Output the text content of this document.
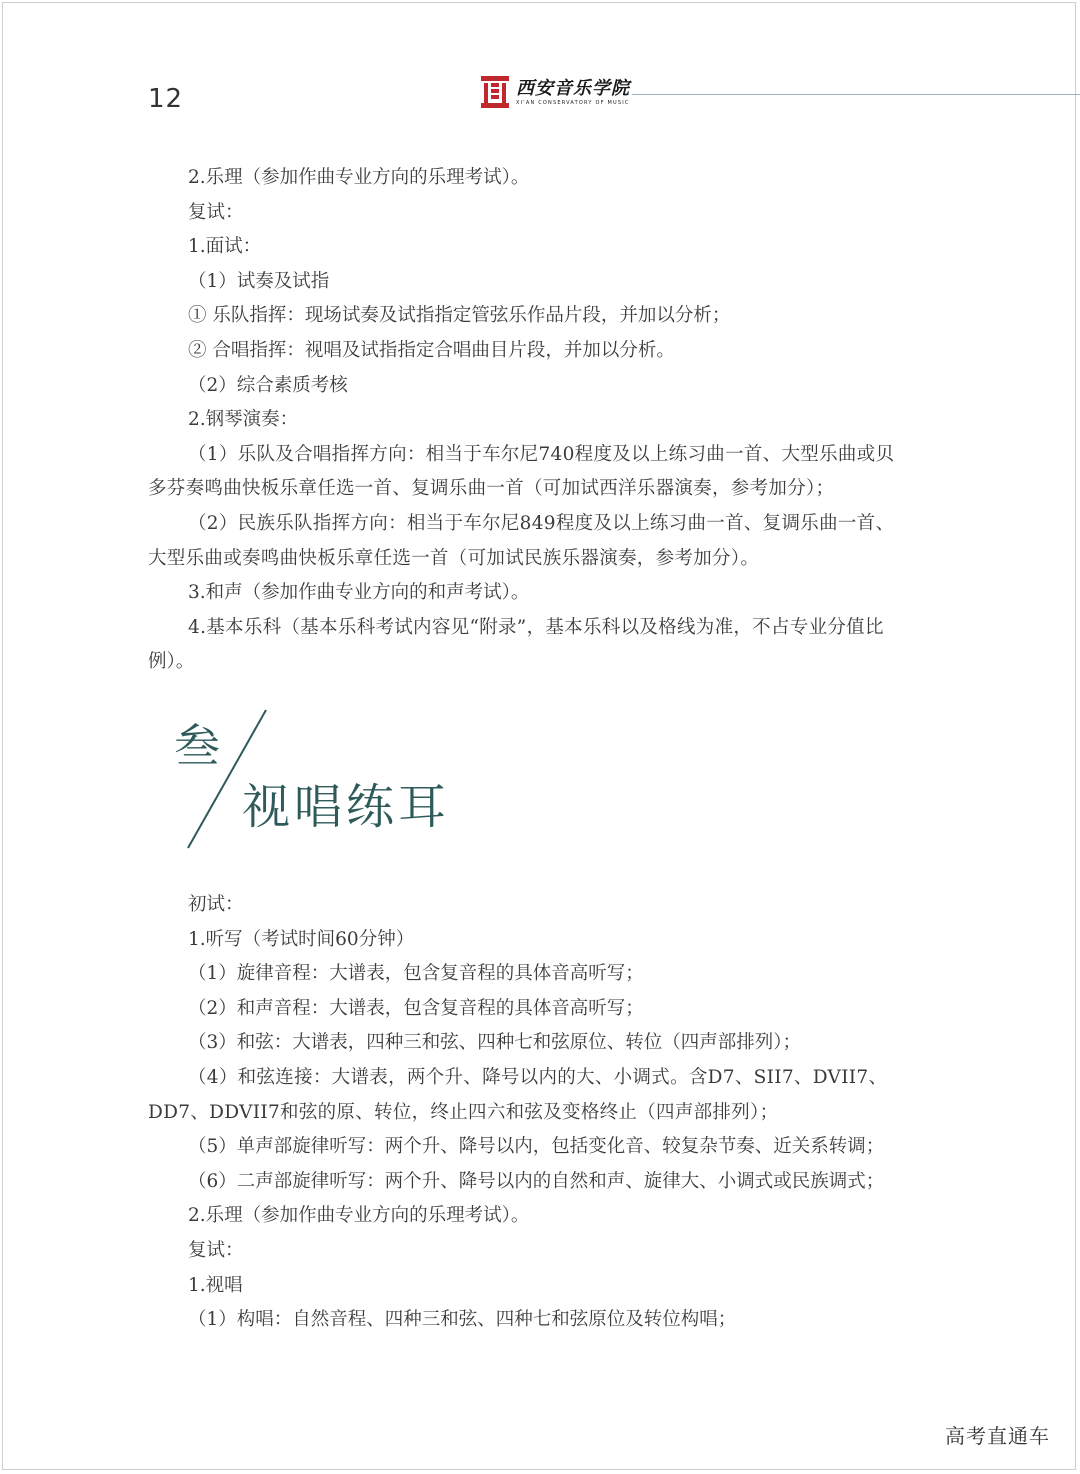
12	西安音乐学院
XI'AN CONSERVATORY OF MUSIC
2.乐理（参加作曲专业方向的乐理考试）。
复试：
1.面试：
（1）试奏及试指
① 乐队指挥：现场试奏及试指指定管弦乐作品片段，并加以分析；
② 合唱指挥：视唱及试指指定合唱曲目片段，并加以分析。
（2）综合素质考核
2.钢琴演奏：
（1）乐队及合唱指挥方向：相当于车尔尼740程度及以上练习曲一首、大型乐曲或贝
多芬奏鸣曲快板乐章任选一首、复调乐曲一首（可加试西洋乐器演奏，参考加分）；
（2）民族乐队指挥方向：相当于车尔尼849程度及以上练习曲一首、复调乐曲一首、
大型乐曲或奏鸣曲快板乐章任选一首（可加试民族乐器演奏，参考加分）。
3.和声（参加作曲专业方向的和声考试）。
4.基本乐科（基本乐科考试内容见“附录”，基本乐科以及格线为准，不占专业分值比
例）。
叁
视唱练耳
初试：
1.听写（考试时间60分钟）
（1）旋律音程：大谱表，包含复音程的具体音高听写；
（2）和声音程：大谱表，包含复音程的具体音高听写；
（3）和弦：大谱表，四种三和弦、四种七和弦原位、转位（四声部排列）；
（4）和弦连接：大谱表，两个升、降号以内的大、小调式。含D7、SII7、DVII7、
DD7、DDVII7和弦的原、转位，终止四六和弦及变格终止（四声部排列）；
（5）单声部旋律听写：两个升、降号以内，包括变化音、较复杂节奏、近关系转调；
（6）二声部旋律听写：两个升、降号以内的自然和声、旋律大、小调式或民族调式；
2.乐理（参加作曲专业方向的乐理考试）。
复试：
1.视唱
（1）构唱：自然音程、四种三和弦、四种七和弦原位及转位构唱；
高考直通车
